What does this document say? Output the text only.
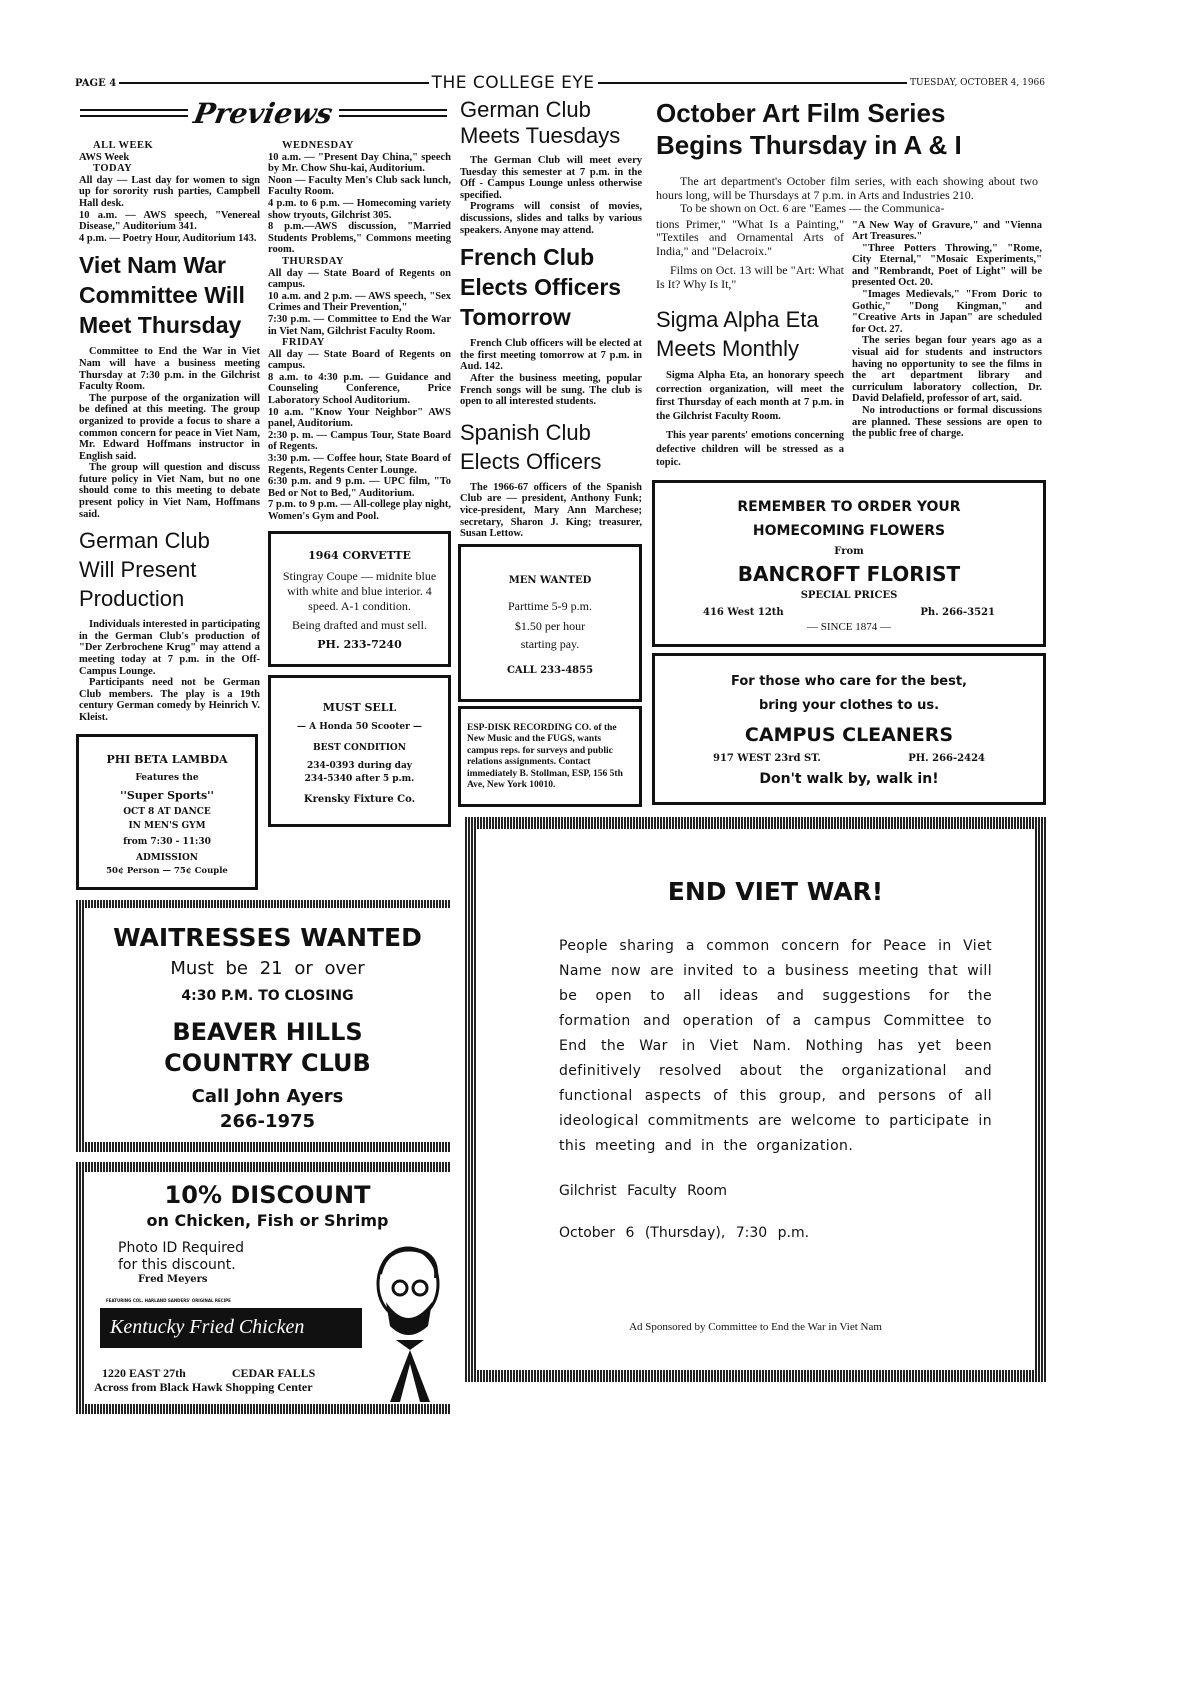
PAGE 4	THE COLLEGE EYE	TUESDAY, OCTOBER 4, 1966
Previews
ALL WEEK
AWS Week
TODAY
All day — Last day for women to sign up for sorority rush parties, Campbell Hall desk.
10 a.m. — AWS speech, "Venereal Disease," Auditorium 341.
4 p.m. — Poetry Hour, Auditorium 143.
Viet Nam War
Committee Will
Meet Thursday

Committee to End the War in Viet Nam will have a business meeting Thursday at 7:30 p.m. in the Gilchrist Faculty Room.

The purpose of the organization will be defined at this meeting. The group organized to provide a focus to share a common concern for peace in Viet Nam, Mr. Edward Hoffmans instructor in English said.

The group will question and discuss future policy in Viet Nam, but no one should come to this meeting to debate present policy in Viet Nam, Hoffmans said.

German Club
Will Present
Production

Individuals interested in participating in the German Club's production of "Der Zerbrochene Krug" may attend a meeting today at 7 p.m. in the Off-Campus Lounge.

Participants need not be German Club members. The play is a 19th century German comedy by Heinrich V. Kleist.

PHI BETA LAMBDA
Features the
''Super Sports''
OCT 8 AT DANCE
IN MEN'S GYM
from 7:30 - 11:30
ADMISSION
50¢ Person — 75¢ Couple
WEDNESDAY
10 a.m. — "Present Day China," speech by Mr. Chow Shu-kai, Auditorium.
Noon — Faculty Men's Club sack lunch, Faculty Room.
4 p.m. to 6 p.m. — Homecoming variety show tryouts, Gilchrist 305.
8 p.m.—AWS discussion, "Married Students Problems," Commons meeting room.
THURSDAY
All day — State Board of Regents on campus.
10 a.m. and 2 p.m. — AWS speech, "Sex Crimes and Their Prevention,"
7:30 p.m. — Committee to End the War in Viet Nam, Gilchrist Faculty Room.
FRIDAY
All day — State Board of Regents on campus.
8 a.m. to 4:30 p.m. — Guidance and Counseling Conference, Price Laboratory School Auditorium.
10 a.m. "Know Your Neighbor" AWS panel, Auditorium.
2:30 p. m. — Campus Tour, State Board of Regents.
3:30 p.m. — Coffee hour, State Board of Regents, Regents Center Lounge.
6:30 p.m. and 9 p.m. — UPC film, "To Bed or Not to Bed," Auditorium.
7 p.m. to 9 p.m. — All-college play night, Women's Gym and Pool.
1964 CORVETTE
Stingray Coupe — midnite blue with white and blue interior. 4 speed. A-1 condition.
Being drafted and must sell.
PH. 233-7240
MUST SELL
— A Honda 50 Scooter —
BEST CONDITION
234-0393 during day
234-5340 after 5 p.m.
Krensky Fixture Co.
WAITRESSES WANTED
Must be 21 or over
4:30 P.M. TO CLOSING
BEAVER HILLS
COUNTRY CLUB
Call John Ayers
266-1975
10% DISCOUNT
on Chicken, Fish or Shrimp
Photo ID Required
for this discount.
Fred Meyers
FEATURING COL. HARLAND SANDERS' ORIGINAL RECIPE
Kentucky Fried Chicken
1220 EAST 27th	CEDAR FALLS
Across from Black Hawk Shopping Center
German Club
Meets Tuesdays

The German Club will meet every Tuesday this semester at 7 p.m. in the Off - Campus Lounge unless otherwise specified.

Programs will consist of movies, discussions, slides and talks by various speakers. Anyone may attend.

French Club
Elects Officers
Tomorrow

French Club officers will be elected at the first meeting tomorrow at 7 p.m. in Aud. 142.

After the business meeting, popular French songs will be sung. The club is open to all interested students.

Spanish Club
Elects Officers

The 1966-67 officers of the Spanish Club are — president, Anthony Funk; vice-president, Mary Ann Marchese; secretary, Sharon J. King; treasurer, Susan Lettow.

MEN WANTED
Parttime 5-9 p.m.
$1.50 per hour
starting pay.
CALL 233-4855
ESP-DISK RECORDING CO. of the New Music and the FUGS, wants campus reps. for surveys and public relations assignments. Contact immediately B. Stollman, ESP, 156 5th Ave, New York 10010.
October Art Film Series
Begins Thursday in A & I

The art department's October film series, with each showing about two hours long, will be Thursdays at 7 p.m. in Arts and Industries 210.

To be shown on Oct. 6 are "Eames — the Communica-

tions Primer," "What Is a Painting," "Textiles and Ornamental Arts of India," and "Delacroix."

Films on Oct. 13 will be "Art: What Is It? Why Is It,"

Sigma Alpha Eta
Meets Monthly

Sigma Alpha Eta, an honorary speech correction organization, will meet the first Thursday of each month at 7 p.m. in the Gilchrist Faculty Room.

This year parents' emotions concerning defective children will be stressed as a topic.

"A New Way of Gravure," and "Vienna Art Treasures."

"Three Potters Throwing," "Rome, City Eternal," "Mosaic Experiments," and "Rembrandt, Poet of Light" will be presented Oct. 20.

"Images Medievals," "From Doric to Gothic," "Dong Kingman," and "Creative Arts in Japan" are scheduled for Oct. 27.

The series began four years ago as a visual aid for students and instructors having no opportunity to see the films in the art department library and curriculum laboratory collection, Dr. David Delafield, professor of art, said.

No introductions or formal discussions are planned. These sessions are open to the public free of charge.

REMEMBER TO ORDER YOUR
HOMECOMING FLOWERS
From
BANCROFT FLORIST
SPECIAL PRICES
416 West 12th	Ph. 266-3521
— SINCE 1874 —
For those who care for the best,
bring your clothes to us.
CAMPUS CLEANERS
917 WEST 23rd ST.	PH. 266-2424
Don't walk by, walk in!
END VIET WAR!
People sharing a common concern for Peace in Viet Name now are invited to a business meeting that will be open to all ideas and suggestions for the formation and operation of a campus Committee to End the War in Viet Nam. Nothing has yet been definitively resolved about the organizational and functional aspects of this group, and persons of all ideological commitments are welcome to participate in this meeting and in the organization.
Gilchrist Faculty Room
October 6 (Thursday), 7:30 p.m.
Ad Sponsored by Committee to End the War in Viet Nam
